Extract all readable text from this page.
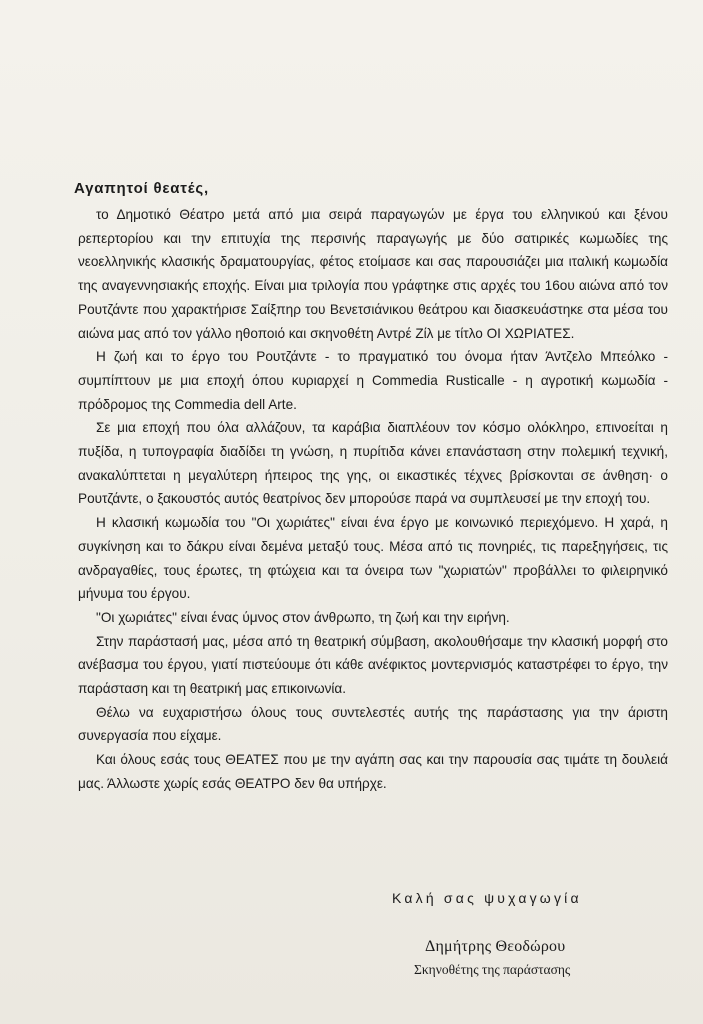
Αγαπητοί θεατές,

το Δημοτικό Θέατρο μετά από μια σειρά παραγωγών με έργα του ελληνικού και ξένου ρεπερτορίου και την επιτυχία της περσινής παραγωγής με δύο σατιρικές κωμωδίες της νεοελληνικής κλασικής δραματουργίας, φέτος ετοίμασε και σας παρουσιάζει μια ιταλική κωμωδία της αναγεννησιακής εποχής. Είναι μια τριλογία που γράφτηκε στις αρχές του 16ου αιώνα από τον Ρουτζάντε που χαρακτήρισε Σαίξπηρ του Βενετσιάνικου θεάτρου και διασκευάστηκε στα μέσα του αιώνα μας από τον γάλλο ηθοποιό και σκηνοθέτη Αντρέ Ζίλ με τίτλο ΟΙ ΧΩΡΙΑΤΕΣ.

Η ζωή και το έργο του Ρουτζάντε - το πραγματικό του όνομα ήταν Άντζελο Μπεόλκο - συμπίπτουν με μια εποχή όπου κυριαρχεί η Commedia Rusticalle - η αγροτική κωμωδία - πρόδρομος της Commedia dell Arte.

Σε μια εποχή που όλα αλλάζουν, τα καράβια διαπλέουν τον κόσμο ολόκληρο, επινοείται η πυξίδα, η τυπογραφία διαδίδει τη γνώση, η πυρίτιδα κάνει επανάσταση στην πολεμική τεχνική, ανακαλύπτεται η μεγαλύτερη ήπειρος της γης, οι εικαστικές τέχνες βρίσκονται σε άνθηση· ο Ρουτζάντε, ο ξακουστός αυτός θεατρίνος δεν μπορούσε παρά να συμπλευσεί με την εποχή του.

Η κλασική κωμωδία του "Οι χωριάτες" είναι ένα έργο με κοινωνικό περιεχόμενο. Η χαρά, η συγκίνηση και το δάκρυ είναι δεμένα μεταξύ τους. Μέσα από τις πονηριές, τις παρεξηγήσεις, τις ανδραγαθίες, τους έρωτες, τη φτώχεια και τα όνειρα των "χωριατών" προβάλλει το φιλειρηνικό μήνυμα του έργου.

"Οι χωριάτες" είναι ένας ύμνος στον άνθρωπο, τη ζωή και την ειρήνη.

Στην παράστασή μας, μέσα από τη θεατρική σύμβαση, ακολουθήσαμε την κλασική μορφή στο ανέβασμα του έργου, γιατί πιστεύουμε ότι κάθε ανέφικτος μοντερνισμός καταστρέφει το έργο, την παράσταση και τη θεατρική μας επικοινωνία.

Θέλω να ευχαριστήσω όλους τους συντελεστές αυτής της παράστασης για την άριστη συνεργασία που είχαμε.

Και όλους εσάς τους ΘΕΑΤΕΣ που με την αγάπη σας και την παρουσία σας τιμάτε τη δουλειά μας. Άλλωστε χωρίς εσάς ΘΕΑΤΡΟ δεν θα υπήρχε.

Καλή σας ψυχαγωγία
Δημήτρης Θεοδώρου
Σκηνοθέτης της παράστασης
